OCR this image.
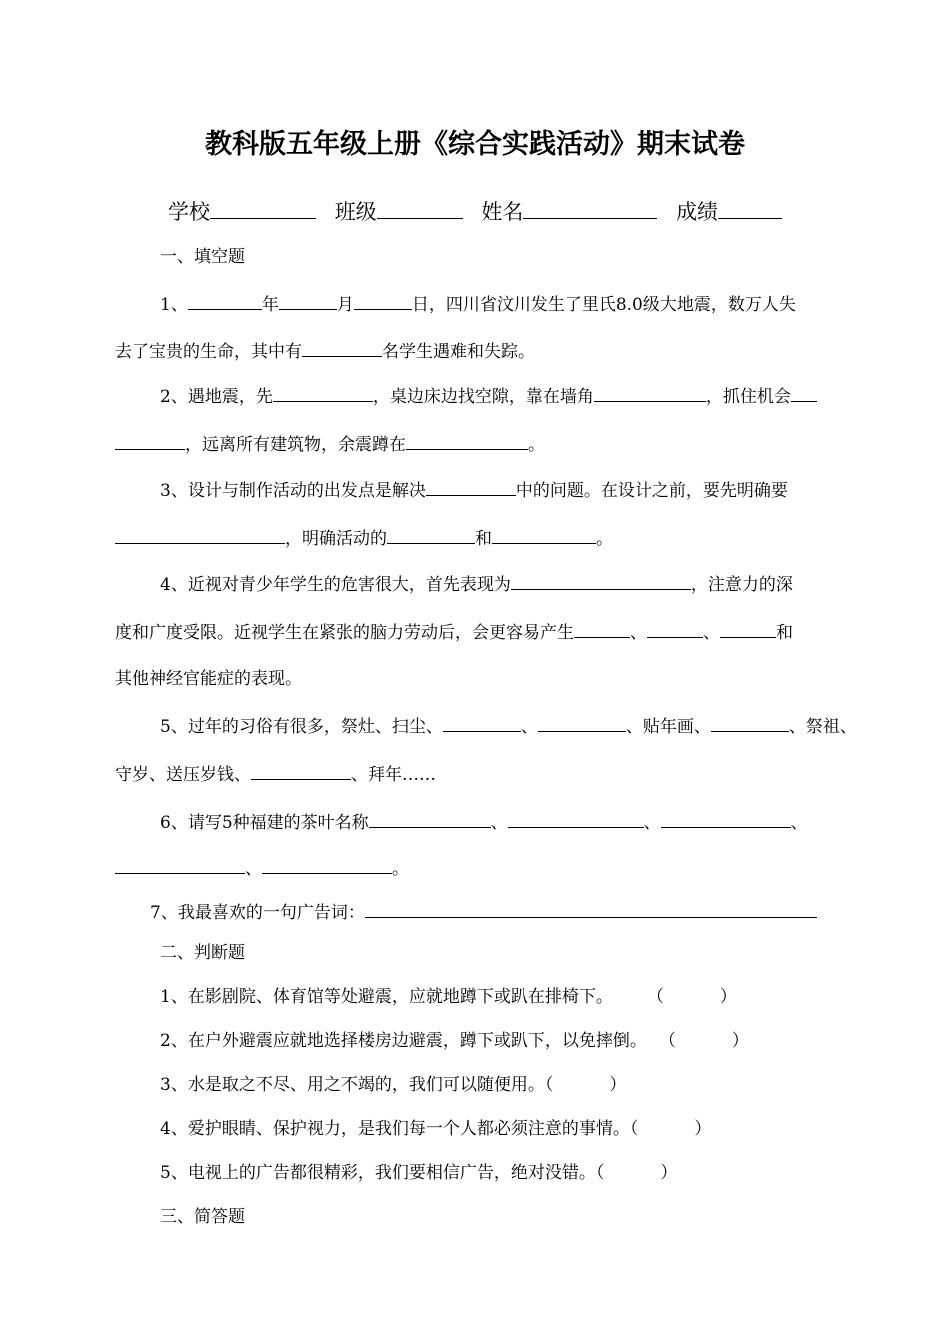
教科版五年级上册《综合实践活动》期末试卷
学校	班级	姓名	成绩
一、填空题
1、	年	月	日，四川省汶川发生了里氏8.0级大地震，数万人失
去了宝贵的生命，其中有	名学生遇难和失踪。
2、遇地震，先	，桌边床边找空隙，靠在墙角	，抓住机会
，远离所有建筑物，余震蹲在	。
3、设计与制作活动的出发点是解决	中的问题。在设计之前，要先明确要
，明确活动的	和	。
4、近视对青少年学生的危害很大，首先表现为	，注意力的深
度和广度受限。近视学生在紧张的脑力劳动后，会更容易产生	、	、	和
其他神经官能症的表现。
5、过年的习俗有很多，祭灶、扫尘、	、	、贴年画、	、祭祖、
守岁、送压岁钱、	、拜年……
6、请写5种福建的茶叶名称	、	、	、
、	。
7、我最喜欢的一句广告词：
二、判断题
1、在影剧院、体育馆等处避震，应就地蹲下或趴在排椅下。 （	）
2、在户外避震应就地选择楼房边避震，蹲下或趴下，以免摔倒。 （	）
3、水是取之不尽、用之不竭的，我们可以随便用。（	）
4、爱护眼睛、保护视力，是我们每一个人都必须注意的事情。（	）
5、电视上的广告都很精彩，我们要相信广告，绝对没错。（	）
三、简答题
